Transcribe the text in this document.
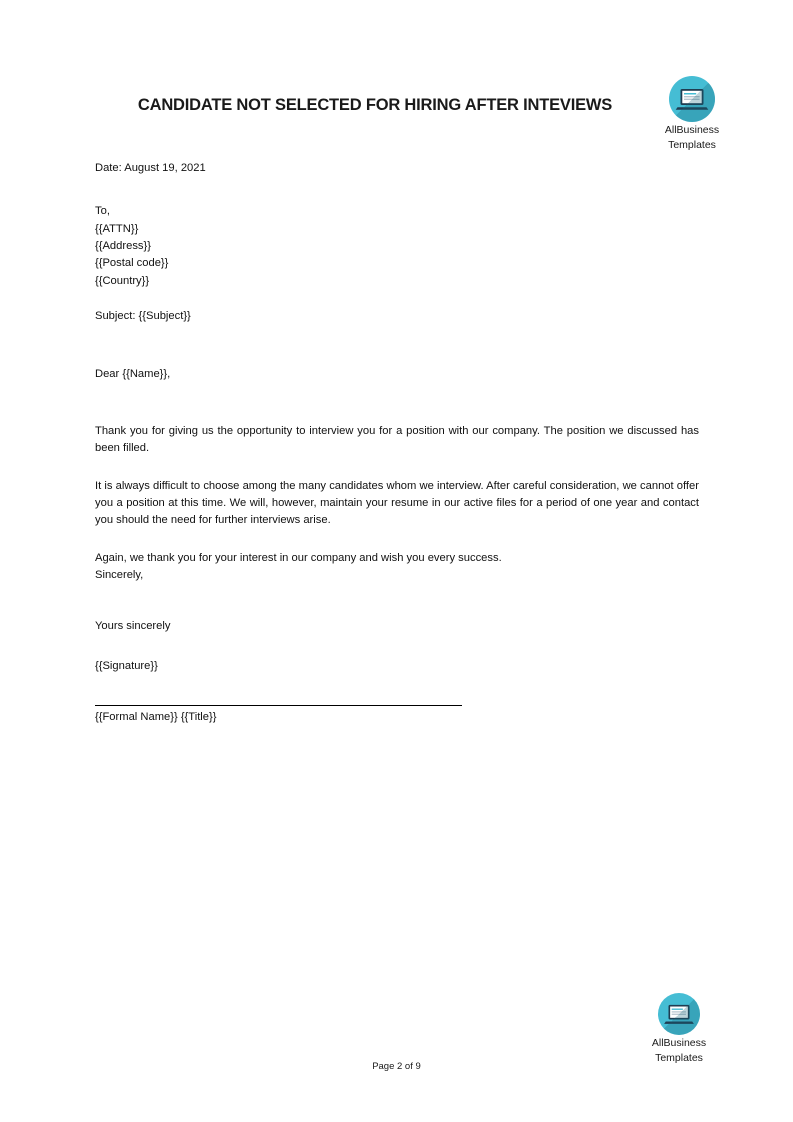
CANDIDATE NOT SELECTED FOR HIRING AFTER INTEVIEWS
AllBusiness
Templates

Date: August 19, 2021

To,
{{ATTN}}
{{Address}}
{{Postal code}}
{{Country}}

Subject: {{Subject}}

Dear {{Name}},

Thank you for giving us the opportunity to interview you for a position with our company. The position we discussed has been filled.

It is always difficult to choose among the many candidates whom we interview. After careful consideration, we cannot offer you a position at this time. We will, however, maintain your resume in our active files for a period of one year and contact you should the need for further interviews arise.

Again, we thank you for your interest in our company and wish you every success.
Sincerely,

Yours sincerely

{{Signature}}

{{Formal Name}} {{Title}}

AllBusiness
Templates
Page 2 of 9
